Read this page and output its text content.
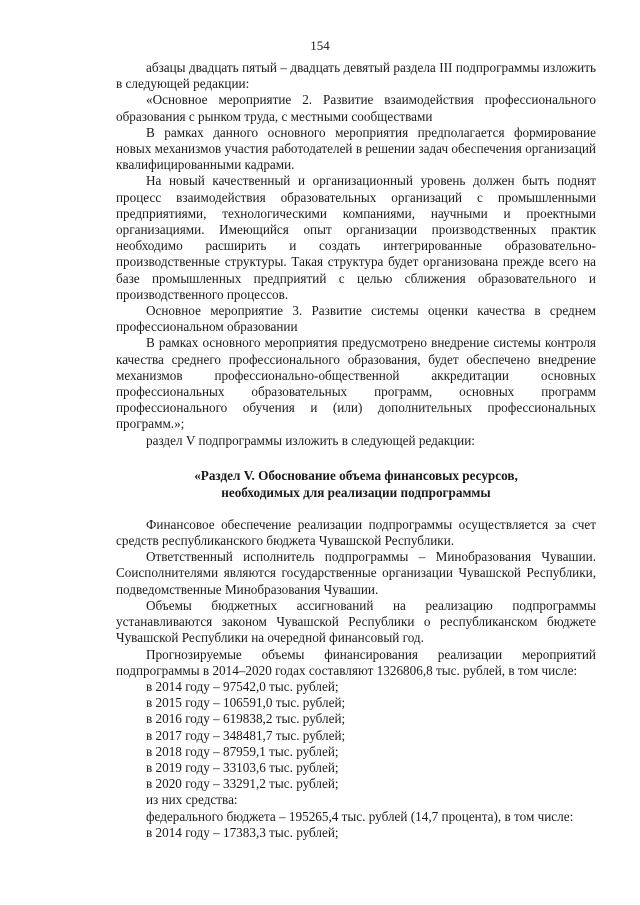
154

абзацы двадцать пятый – двадцать девятый раздела III подпрограммы изложить в следующей редакции:

«Основное мероприятие 2. Развитие взаимодействия профессионального образования с рынком труда, с местными сообществами

В рамках данного основного мероприятия предполагается формирование новых механизмов участия работодателей в решении задач обеспечения организаций квалифицированными кадрами.

На новый качественный и организационный уровень должен быть поднят процесс взаимодействия образовательных организаций с промышленными предприятиями, технологическими компаниями, научными и проектными организациями. Имеющийся опыт организации производственных практик необходимо расширить и создать интегрированные образовательно-производственные структуры. Такая структура будет организована прежде всего на базе промышленных предприятий с целью сближения образовательного и производственного процессов.

Основное мероприятие 3. Развитие системы оценки качества в среднем профессиональном образовании

В рамках основного мероприятия предусмотрено внедрение системы контроля качества среднего профессионального образования, будет обеспечено внедрение механизмов профессионально-общественной аккредитации основных профессиональных образовательных программ, основных программ профессионального обучения и (или) дополнительных профессиональных программ.»;

раздел V подпрограммы изложить в следующей редакции:

«Раздел V. Обоснование объема финансовых ресурсов,
необходимых для реализации подпрограммы

Финансовое обеспечение реализации подпрограммы осуществляется за счет средств республиканского бюджета Чувашской Республики.

Ответственный исполнитель подпрограммы – Минобразования Чувашии. Соисполнителями являются государственные организации Чувашской Республики, подведомственные Минобразования Чувашии.

Объемы бюджетных ассигнований на реализацию подпрограммы устанавливаются законом Чувашской Республики о республиканском бюджете Чувашской Республики на очередной финансовый год.

Прогнозируемые объемы финансирования реализации мероприятий подпрограммы в 2014–2020 годах составляют 1326806,8 тыс. рублей, в том числе:

в 2014 году – 97542,0 тыс. рублей;

в 2015 году – 106591,0 тыс. рублей;

в 2016 году – 619838,2 тыс. рублей;

в 2017 году – 348481,7 тыс. рублей;

в 2018 году – 87959,1 тыс. рублей;

в 2019 году – 33103,6 тыс. рублей;

в 2020 году – 33291,2 тыс. рублей;

из них средства:

федерального бюджета – 195265,4 тыс. рублей (14,7 процента), в том числе:

в 2014 году – 17383,3 тыс. рублей;
